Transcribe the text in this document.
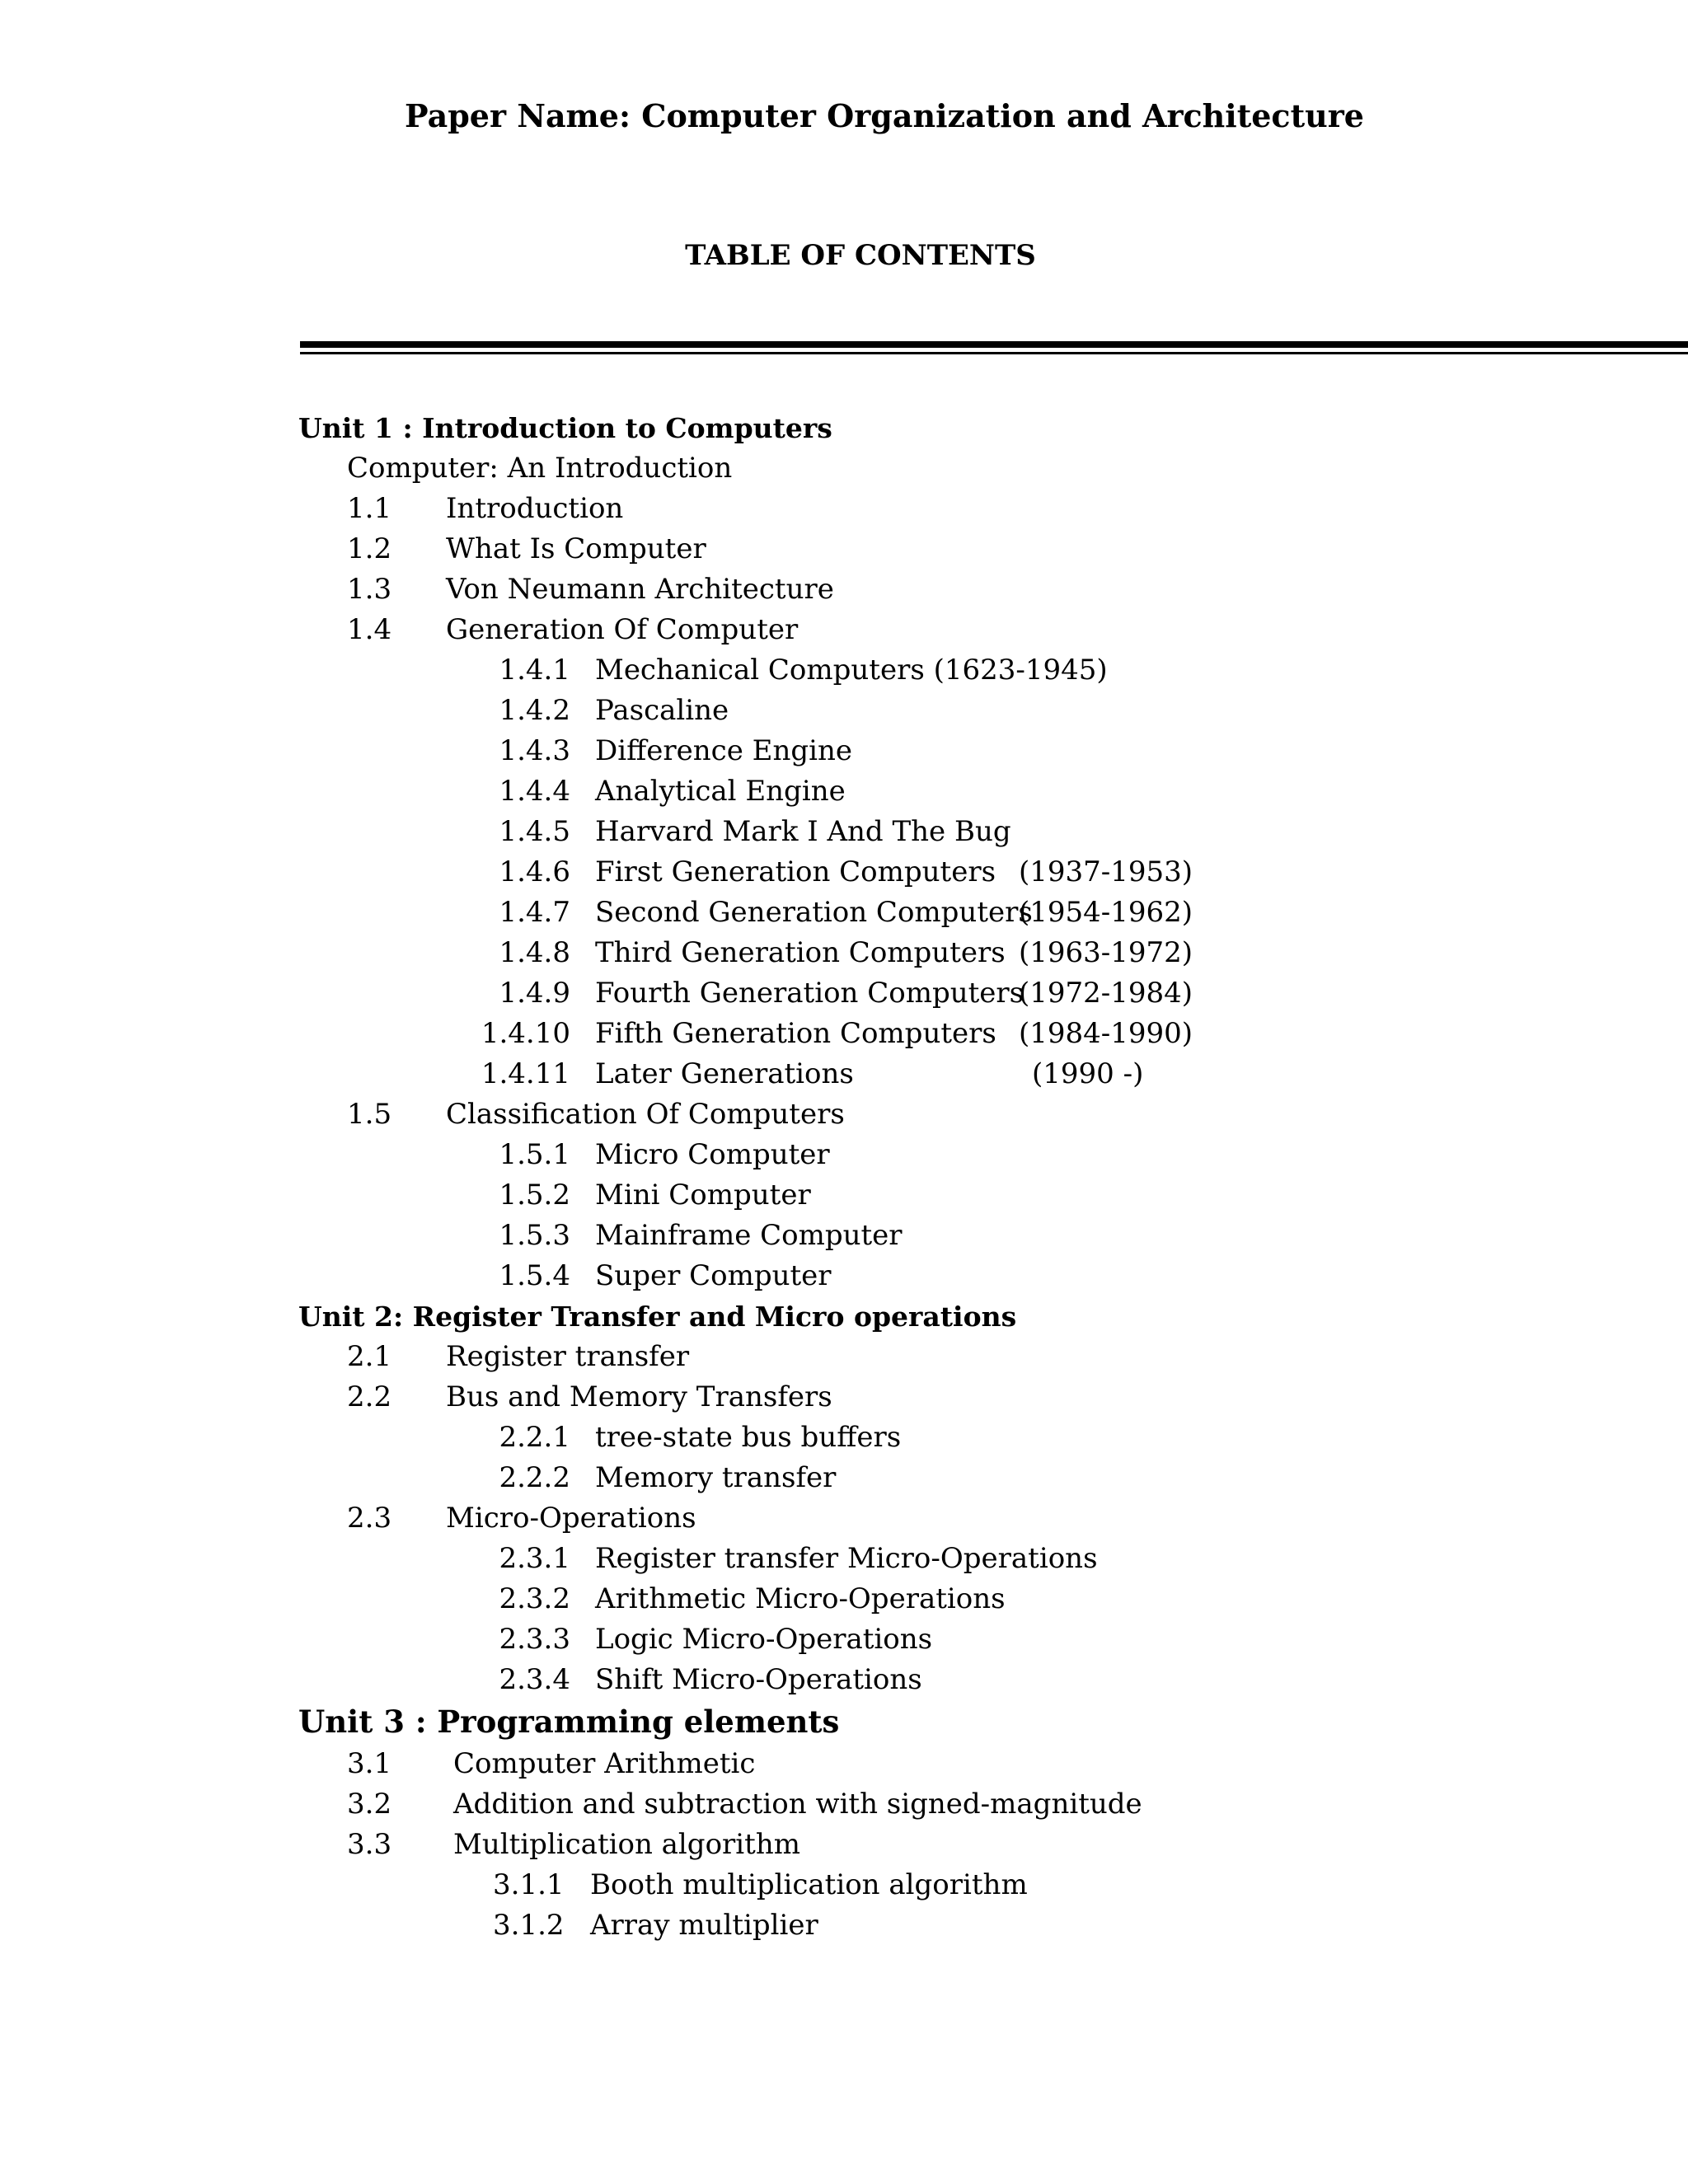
Paper Name: Computer Organization and Architecture
TABLE OF CONTENTS
Unit 1 : Introduction to Computers
Computer: An Introduction
1.1 Introduction
1.2 What Is Computer
1.3 Von Neumann Architecture
1.4 Generation Of Computer
1.4.1 Mechanical Computers (1623-1945)
1.4.2 Pascaline
1.4.3 Difference Engine
1.4.4 Analytical Engine
1.4.5 Harvard Mark I And The Bug
1.4.6 First Generation Computers (1937-1953)
1.4.7 Second Generation Computers
(1954-1962)
1.4.8 Third Generation Computers (1963-1972)
1.4.9 Fourth Generation Computers
(1972-1984)
1.4.10 Fifth Generation Computers (1984-1990)
1.4.11 Later Generations	(1990 -)
1.5 Classification Of Computers
1.5.1 Micro Computer
1.5.2 Mini Computer
1.5.3 Mainframe Computer
1.5.4 Super Computer
Unit 2: Register Transfer and Micro operations
2.1 Register transfer
2.2 Bus and Memory Transfers
2.2.1 tree-state bus buffers
2.2.2 Memory transfer
2.3 Micro-Operations
2.3.1 Register transfer Micro-Operations
2.3.2 Arithmetic Micro-Operations
2.3.3 Logic Micro-Operations
2.3.4 Shift Micro-Operations
Unit 3 : Programming elements
3.1 Computer Arithmetic
3.2 Addition and subtraction with signed-magnitude
3.3 Multiplication algorithm
3.1.1 Booth multiplication algorithm
3.1.2 Array multiplier
